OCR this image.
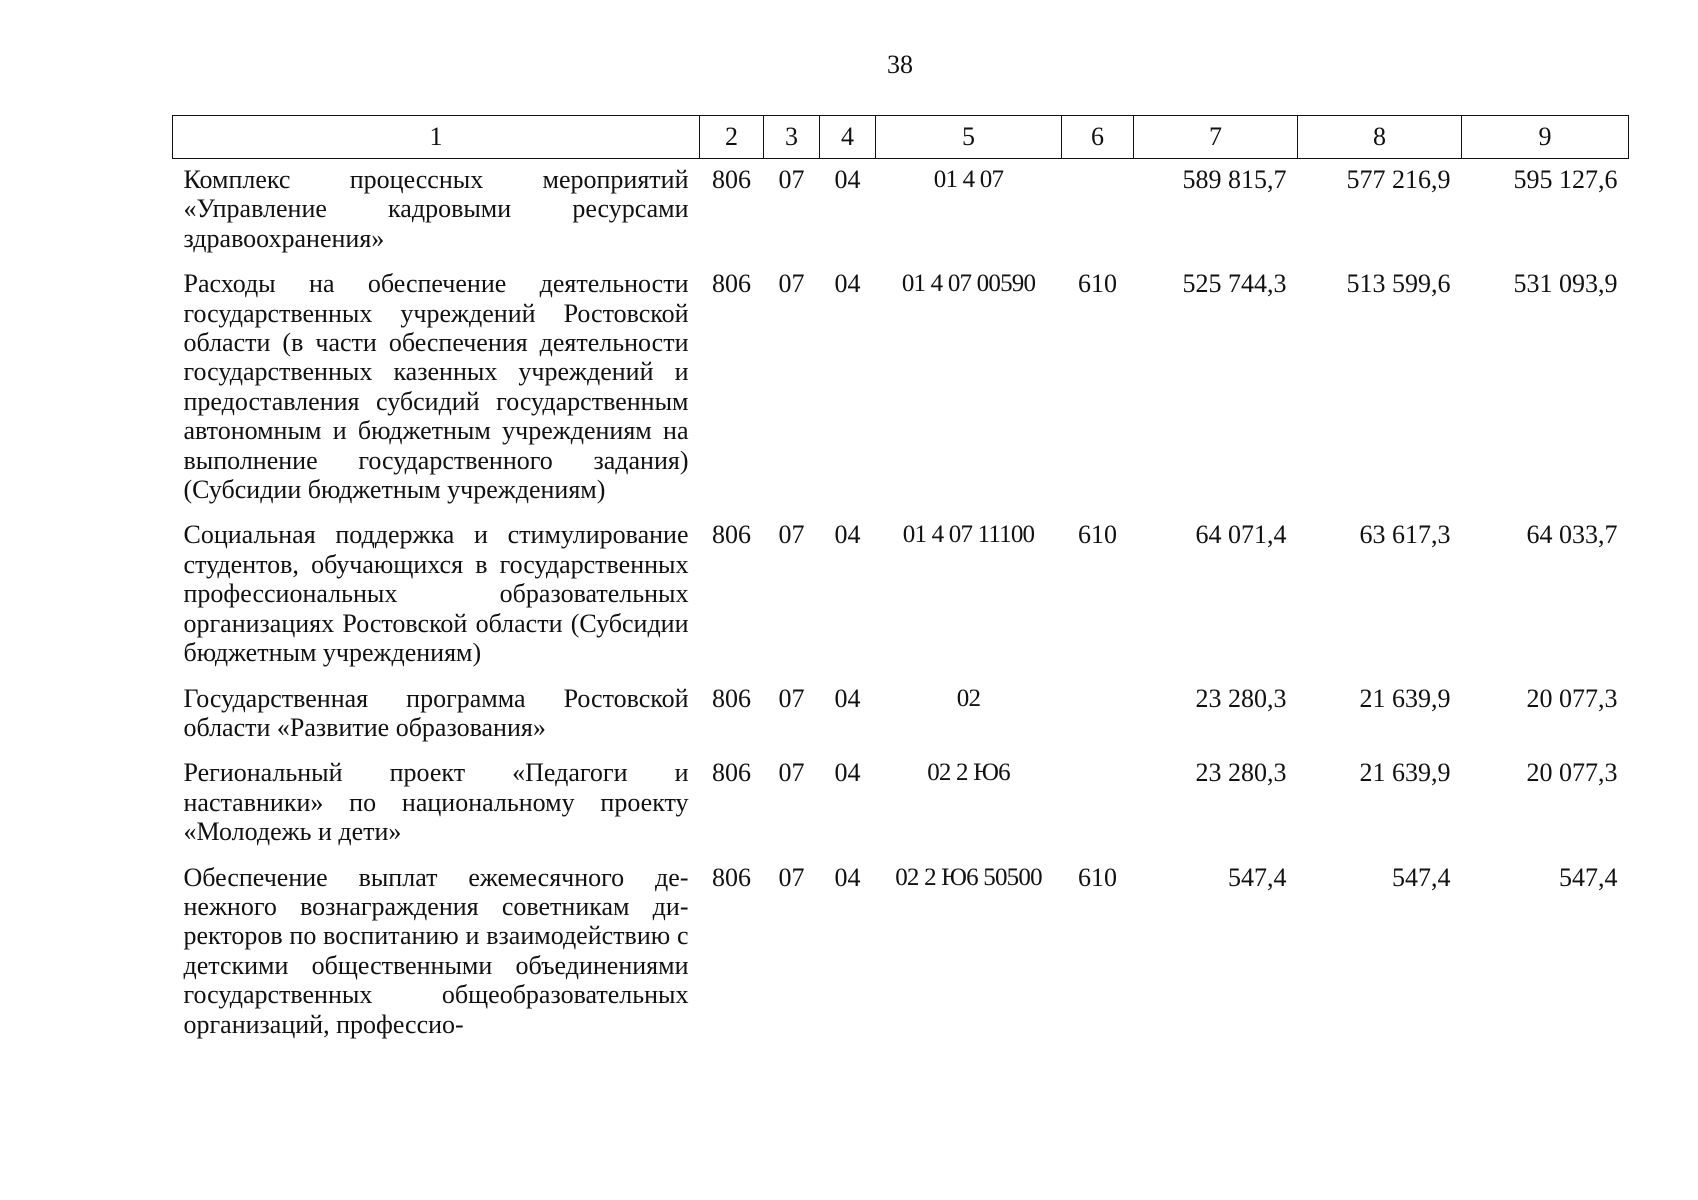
38
1	2	3	4	5	6	7	8	9
Комплекс процессных мероприятий «Управление кадровыми ресурсами здравоохранения»	806	07	04	01 4 07		589 815,7	577 216,9	595 127,6
Расходы на обеспечение деятельности государственных учреждений Ростовской области (в части обеспечения деятельности государственных казенных учреждений и предоставления субсидий государственным автономным и бюджетным учреждениям на выполнение государственного задания) (Субсидии бюджетным учреждениям)	806	07	04	01 4 07 00590	610	525 744,3	513 599,6	531 093,9
Социальная поддержка и стимулирование студентов, обучающихся в государственных профессиональных образовательных организациях Ростовской области (Субсидии бюджетным учреждениям)	806	07	04	01 4 07 11100	610	64 071,4	63 617,3	64 033,7
Государственная программа Ростовской области «Развитие образования»	806	07	04	02		23 280,3	21 639,9	20 077,3
Региональный проект «Педагоги и наставники» по национальному проекту «Молодежь и дети»	806	07	04	02 2 Ю6		23 280,3	21 639,9	20 077,3
Обеспечение выплат ежемесячного денежного вознаграждения советникам директоров по воспитанию и взаимодействию с детскими общественными объединениями государственных общеобразовательных организаций, профессио-	806	07	04	02 2 Ю6 50500	610	547,4	547,4	547,4
